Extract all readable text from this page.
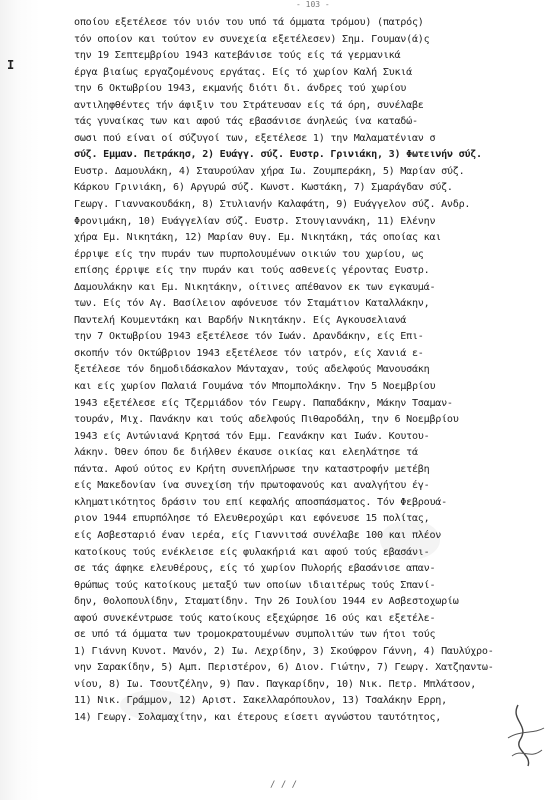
- 103 -
I
οποίου εξετέλεσε τόν υιόν του υπό τά όμματα τρόμου) (πατρός)
τόν οποίον και τούτον εν συνεχεία εξετέλεσεν) Σημ. Γουμαν(ά)ς
την 19 Σεπτεμβρίου 1943 κατεβάνισε τούς είς τά γερμανικά
έργα βιαίως εργαζομένους εργάτας. Είς τό χωρίον Καλή Συκιά
την 6 Οκτωβρίου 1943, εκμανής διότι δι. άνδρες τού χωρίου
αντιληφθέντες τήν άφιξιν του Στράτευσαν είς τά όρη, συνέλαβε
τάς γυναίκας των και αφού τάς εβασάνισε άνηλεώς ίνα καταδώ-
σωσι πού είναι οί σύζυγοί των, εξετέλεσε 1) την Μαλαματένιαν σ
σύζ. Εμμαν. Πετράκησ, 2) Ευάγγ. σύζ. Ευστρ. Γρινιάκη, 3) Φωτεινήν σύζ.
Ευστρ. Δαμουλάκη, 4) Σταυρούλαν χήρα Ιω. Ζουμπεράκη, 5) Μαρίαν σύζ.
Κάρκου Γρινιάκη, 6) Αργυρώ σύζ. Κωνστ. Κωστάκη, 7) Σμαράγδαν σύζ.
Γεωργ. Γιαννακουδάκη, 8) Στυλιανήν Καλαφάτη, 9) Ευάγγελον σύζ. Ανδρ.
Φρονιμάκη, 10) Ευάγγελίαν σύζ. Ευστρ. Στουγιαννάκη, 11) Ελένην
χήρα Εμ. Νικητάκη, 12) Μαρίαν θυγ. Εμ. Νικητάκη, τάς οποίας και
έρριψε είς την πυράν των πυρπολουμένων οικιών του χωρίου, ως
επίσης έρριψε είς την πυράν και τούς ασθενείς γέροντας Ευστρ.
Δαμουλάκην και Εμ. Νικητάκην, οίτινες απέθανον εκ των εγκαυμά-
των. Είς τόν Αγ. Βασίλειον αφόνευσε τόν Σταμάτιον Καταλλάκην,
Παντελή Κουμεντάκη και Βαρδήν Νικητάκην. Είς Αγκουσελιανά
την 7 Οκτωβρίου 1943 εξετέλεσε τόν Ιωάν. Δρανδάκην, είς Επι-
σκοπήν τόν Οκτώβριον 1943 εξετέλεσε τόν ιατρόν, είς Χανιά ε-
ξετέλεσε τόν δημοδιδάσκαλον Μάνταχαν, τούς αδελφούς Μανουσάκη
και είς χωρίον Παλαιά Γουμάνα τόν Μπομπολάκην. Την 5 Νοεμβρίου
1943 εξετέλεσε είς Τζερμιάδον τόν Γεωργ. Παπαδάκην, Μάκην Τσαμαν-
τουράν, Μιχ. Πανάκην και τούς αδελφούς Πιθαροδάλη, την 6 Νοεμβρίου
1943 είς Αντώνιανά Κρητσά τόν Εμμ. Γεανάκην και Ιωάν. Κουτου-
λάκην. Όθεν όπου δε διήλθεν έκαυσε οικίας και ελεηλάτησε τά
πάντα. Αφού ούτος εν Κρήτη συνεπλήρωσε την καταστροφήν μετέβη
είς Μακεδονίαν ίνα συνεχίση τήν πρωτοφανούς και αναλγήτου έγ-
κληματικότητος δράσιν του επί κεφαλής αποσπάσματος. Τόν Φεβρουά-
ριον 1944 επυρπόλησε τό Ελευθεροχώρι και εφόνευσε 15 πολίτας,
είς Ασβεσταριό έναν ιερέα, είς Γιαννιτσά συνέλαβε 100 και πλέον
κατοίκους τούς ενέκλεισε είς φυλακήριά και αφού τούς εβασάνι-
σε τάς άφηκε ελευθέρους, είς τό χωρίον Πυλορής εβασάνισε απαν-
θρώπως τούς κατοίκους μεταξύ των οποίων ιδιαιτέρως τούς Σπανί-
δην, Θολοπουλίδην, Σταματίδην. Την 26 Ιουλίου 1944 εν Ασβεστοχωρίω
αφού συνεκέντρωσε τούς κατοίκους εξεχώρησε 16 ούς και εξετέλε-
σε υπό τά όμματα των τρομοκρατουμένων συμπολιτών των ήτοι τούς
1) Γιάννη Κυνοτ. Μανόν, 2) Ιω. Λεχρίδην, 3) Σκούφρον Γάννη, 4) Παυλύχρο-
νην Σαρακίδην, 5) Αμπ. Περιστέρον, 6) Διον. Γιώτην, 7) Γεωργ. Χατζηαντω-
νίου, 8) Ιω. Τσουτζέλην, 9) Παν. Παγκαρίδην, 10) Νικ. Πετρ. Μπλάτσον,
11) Νικ. Γράμμον, 12) Αριστ. Σακελλαρόπουλον, 13) Τσαλάκην Ερρη,
14) Γεωργ. Σολαμαχίτην, και έτερους είσετι αγνώστου ταυτότητος,
/ / /
